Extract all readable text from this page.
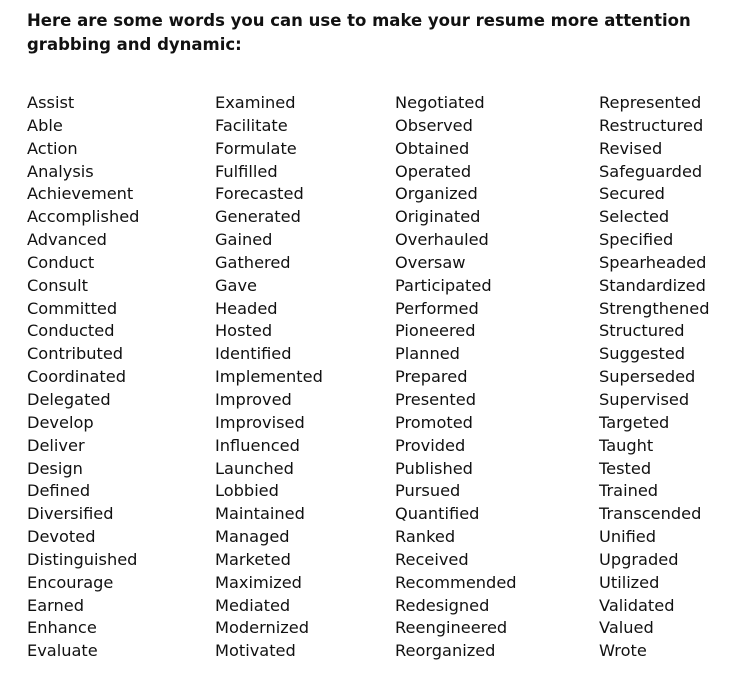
Here are some words you can use to make your resume more attention grabbing and dynamic:

Assist
Able
Action
Analysis
Achievement
Accomplished
Advanced
Conduct
Consult
Committed
Conducted
Contributed
Coordinated
Delegated
Develop
Deliver
Design
Defined
Diversified
Devoted
Distinguished
Encourage
Earned
Enhance
Evaluate
Examined
Facilitate
Formulate
Fulfilled
Forecasted
Generated
Gained
Gathered
Gave
Headed
Hosted
Identified
Implemented
Improved
Improvised
Influenced
Launched
Lobbied
Maintained
Managed
Marketed
Maximized
Mediated
Modernized
Motivated
Negotiated
Observed
Obtained
Operated
Organized
Originated
Overhauled
Oversaw
Participated
Performed
Pioneered
Planned
Prepared
Presented
Promoted
Provided
Published
Pursued
Quantified
Ranked
Received
Recommended
Redesigned
Reengineered
Reorganized
Represented
Restructured
Revised
Safeguarded
Secured
Selected
Specified
Spearheaded
Standardized
Strengthened
Structured
Suggested
Superseded
Supervised
Targeted
Taught
Tested
Trained
Transcended
Unified
Upgraded
Utilized
Validated
Valued
Wrote
